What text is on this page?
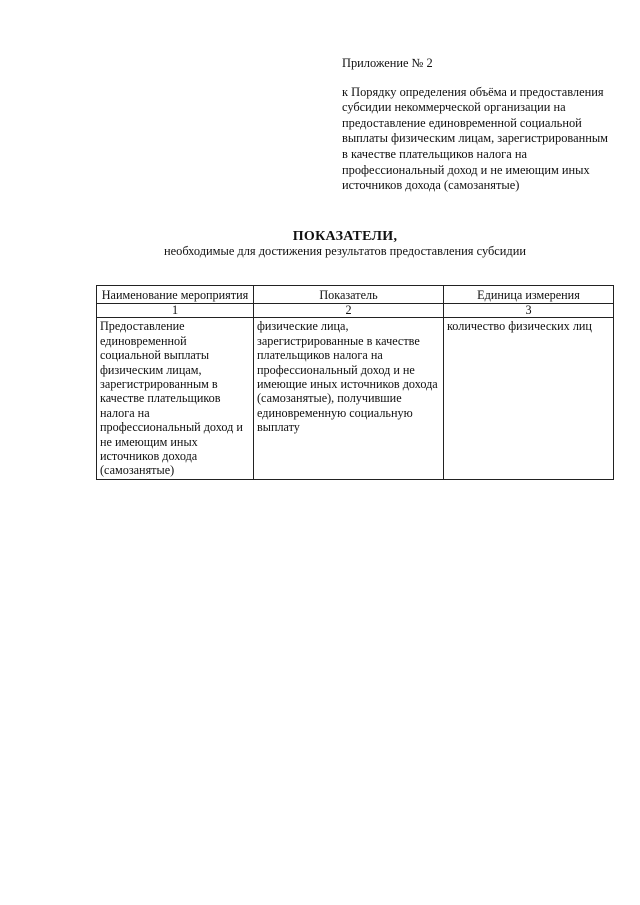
Приложение № 2

к Порядку определения объёма и предоставления субсидии некоммерческой организации на предоставление единовременной социальной выплаты физическим лицам, зарегистрированным в качестве плательщиков налога на профессиональный доход и не имеющим иных источников дохода (самозанятые)

ПОКАЗАТЕЛИ,
необходимые для достижения результатов предоставления субсидии
Наименование мероприятия	Показатель	Единица измерения
1	2	3
Предоставление единовременной социальной выплаты физическим лицам, зарегистрированным в качестве плательщиков налога на профессиональный доход и не имеющим иных источников дохода (самозанятые)	физические лица, зарегистрированные в качестве плательщиков налога на профессиональный доход и не имеющие иных источников дохода (самозанятые), получившие единовременную социальную выплату	количество физических лиц
